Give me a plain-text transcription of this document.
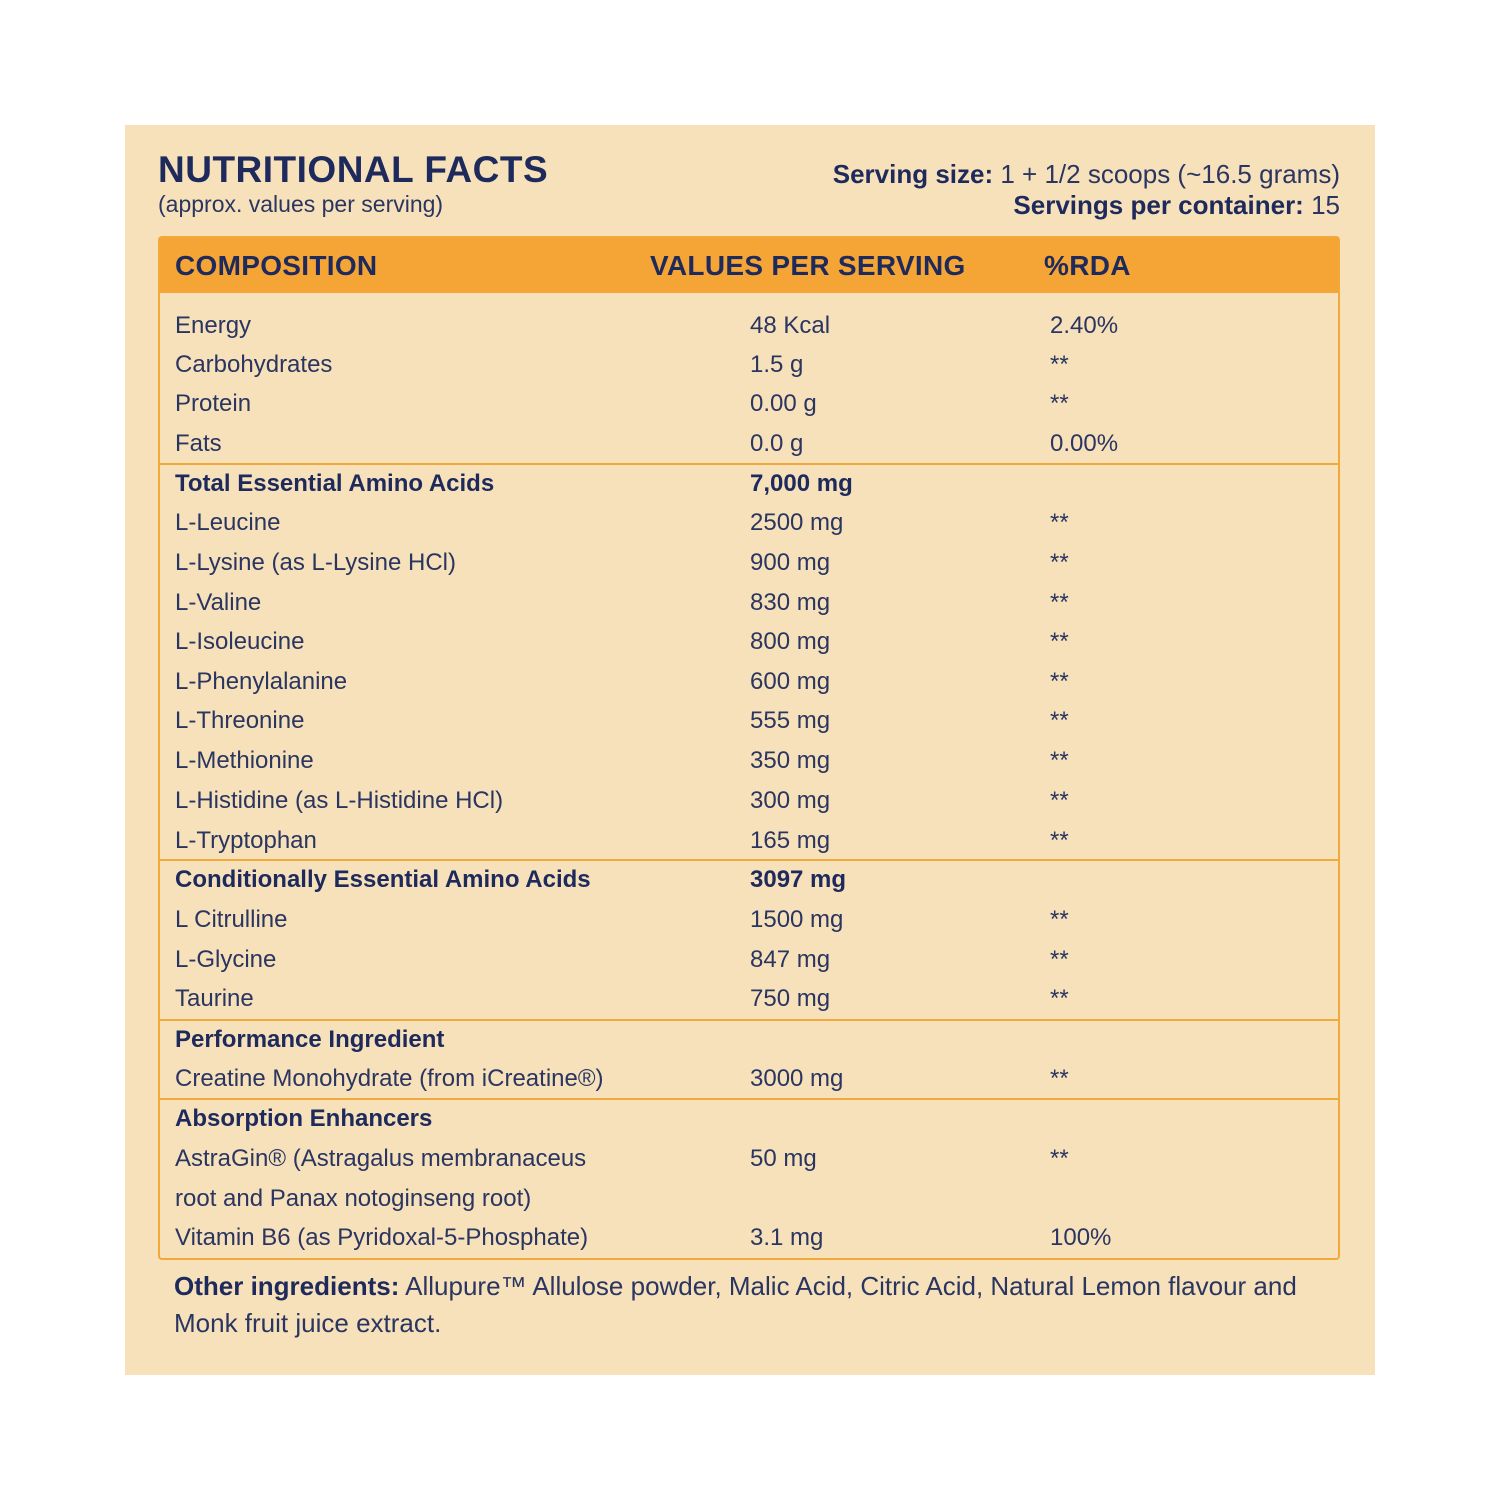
NUTRITIONAL FACTS
(approx. values per serving)
Serving size: 1 + 1/2 scoops (~16.5 grams)
Servings per container: 15
COMPOSITION	VALUES PER SERVING	%RDA
Energy	48 Kcal	2.40%
Carbohydrates	1.5 g	**
Protein	0.00 g	**
Fats	0.0 g	0.00%
Total Essential Amino Acids	7,000 mg
L-Leucine	2500 mg	**
L-Lysine (as L-Lysine HCl)	900 mg	**
L-Valine	830 mg	**
L-Isoleucine	800 mg	**
L-Phenylalanine	600 mg	**
L-Threonine	555 mg	**
L-Methionine	350 mg	**
L-Histidine (as L-Histidine HCl)	300 mg	**
L-Tryptophan	165 mg	**
Conditionally Essential Amino Acids	3097 mg
L Citrulline	1500 mg	**
L-Glycine	847 mg	**
Taurine	750 mg	**
Performance Ingredient
Creatine Monohydrate (from iCreatine®)	3000 mg	**
Absorption Enhancers
AstraGin® (Astragalus membranaceus	50 mg	**
root and Panax notoginseng root)
Vitamin B6 (as Pyridoxal-5-Phosphate)	3.1 mg	100%
Other ingredients: Allupure™ Allulose powder, Malic Acid, Citric Acid, Natural Lemon flavour and Monk fruit juice extract.
